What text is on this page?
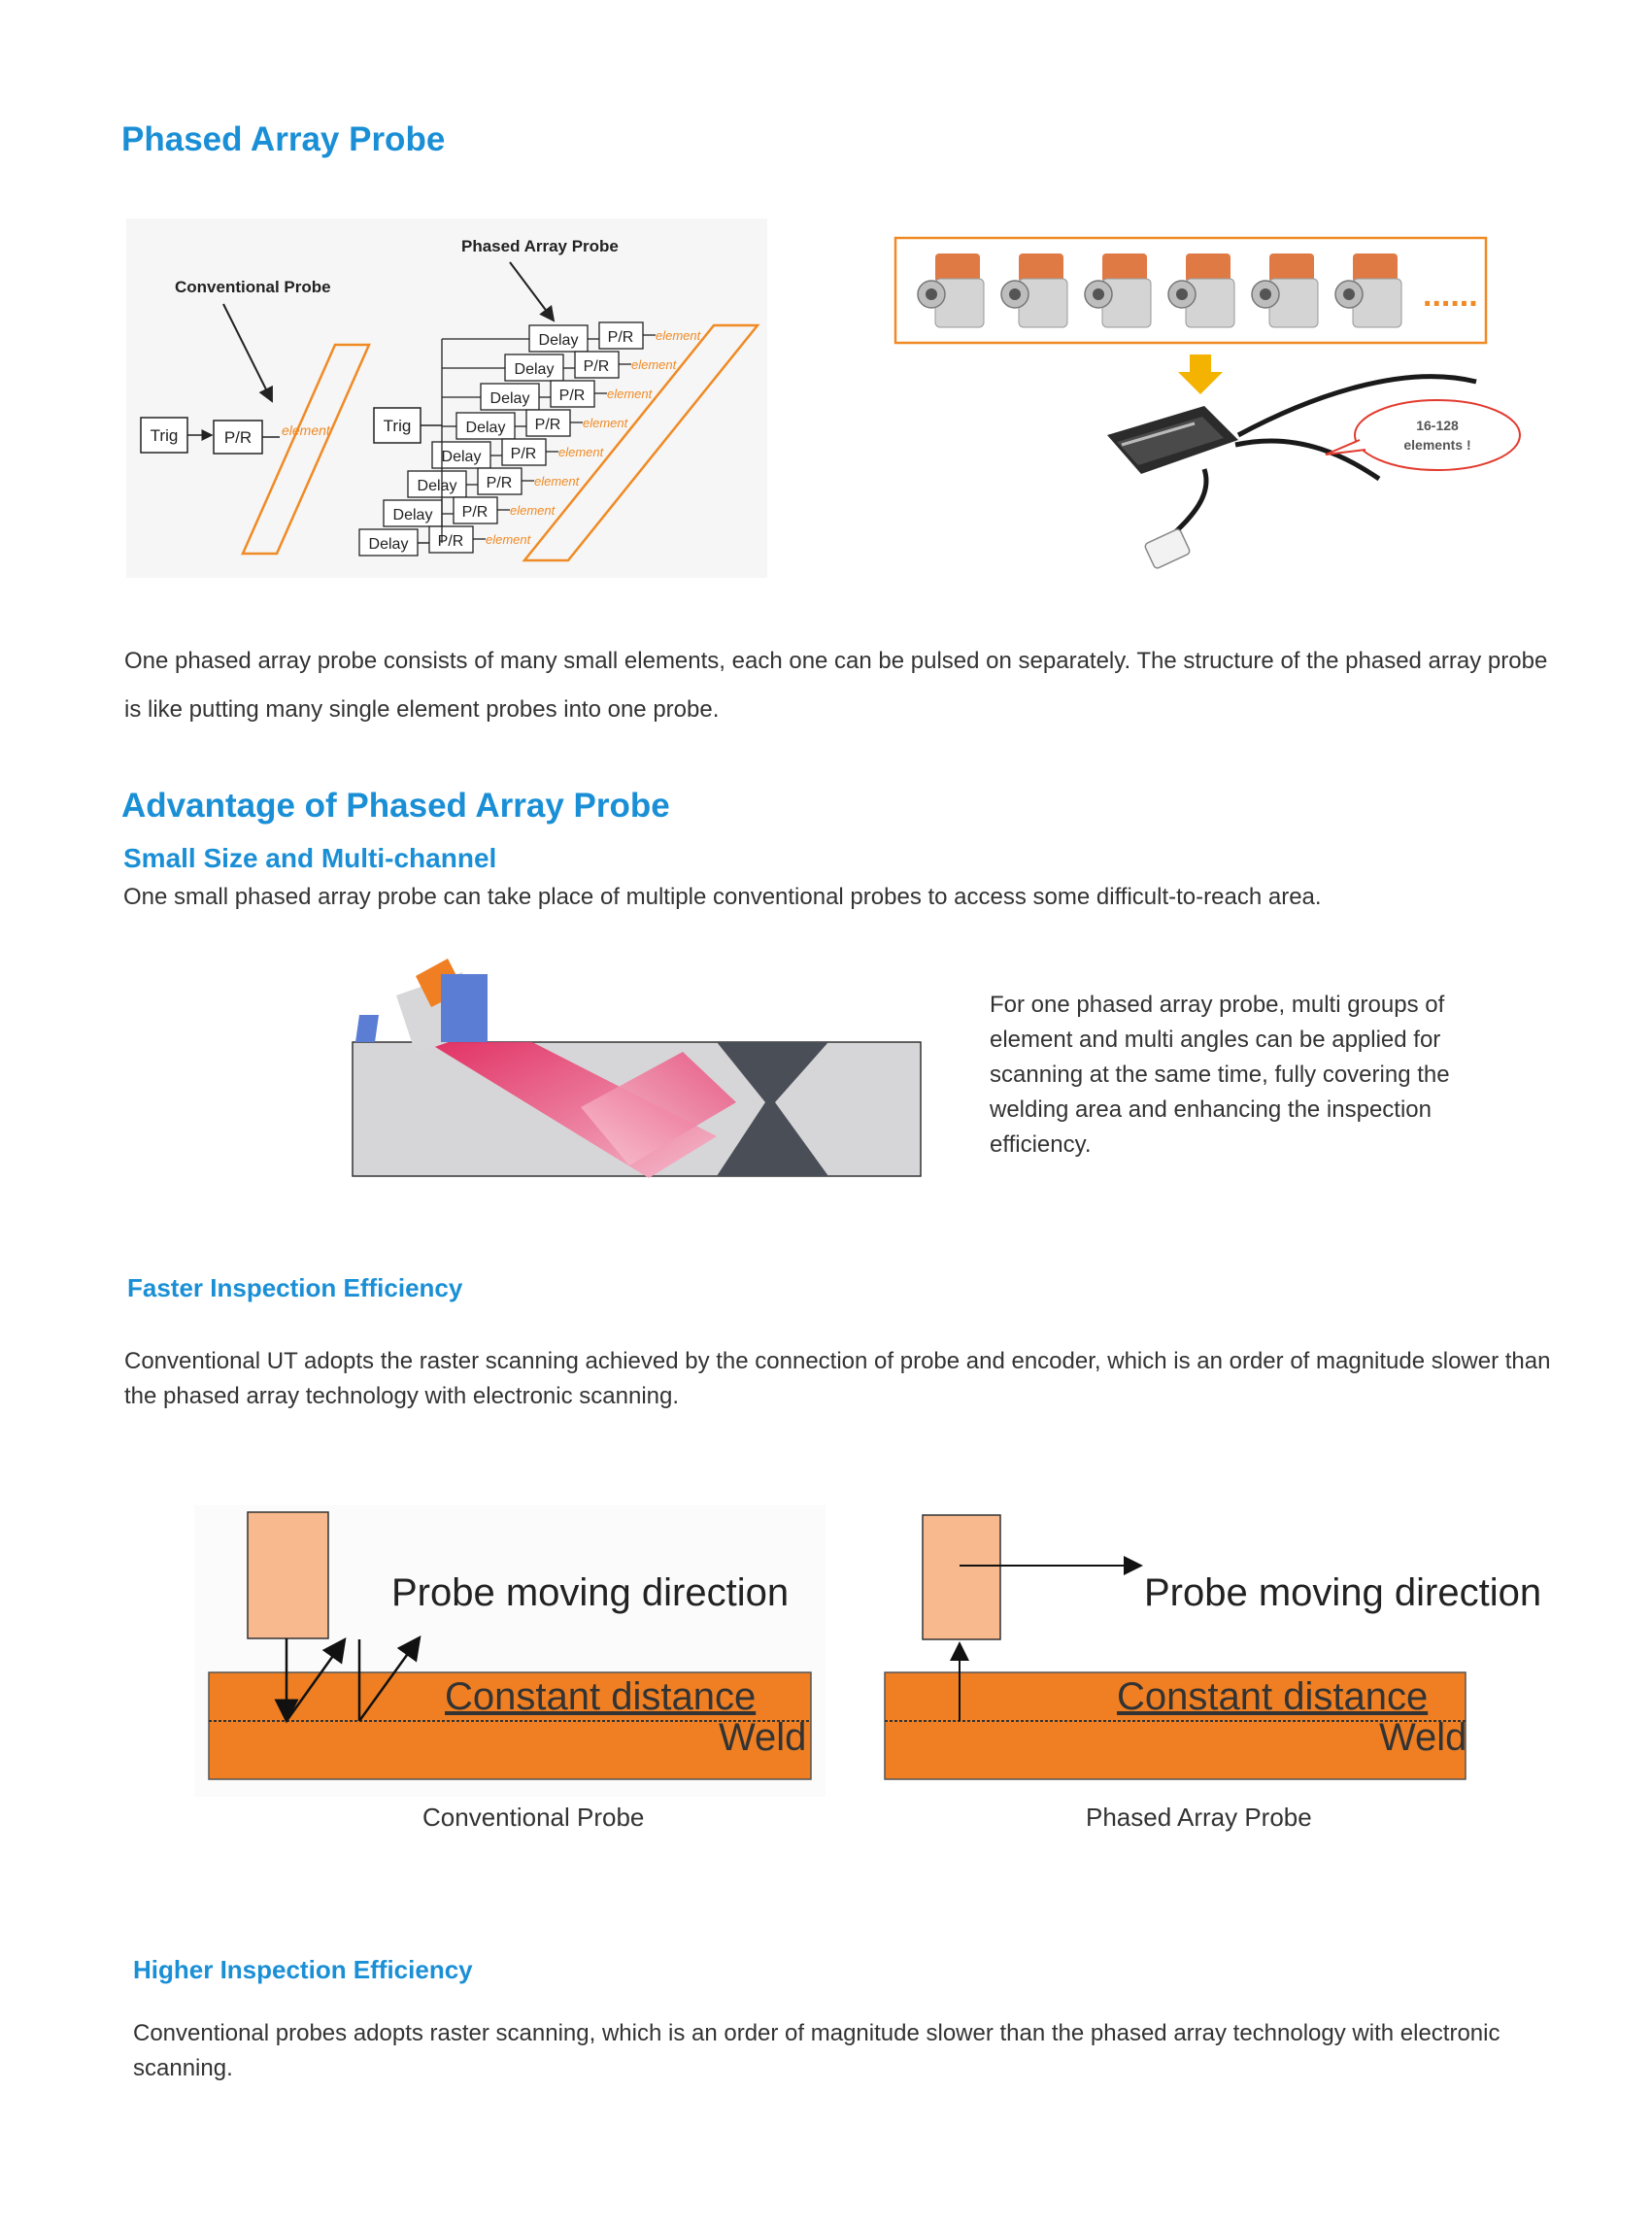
Phased Array Probe
Conventional Probe
Trig	P/R element
Phased Array Probe
Trig
Delay P/R element
Delay P/R element
Delay P/R element
Delay P/R element
Delay P/R element
Delay P/R element
Delay P/R element
Delay P/R element
......
16-128
elements !
One phased array probe consists of many small elements, each one can be pulsed on separately. The structure of the phased array probe is like putting many single element probes into one probe.
Advantage of Phased Array Probe
Small Size and Multi-channel
One small phased array probe can take place of multiple conventional probes to access some difficult-to-reach area.
For one phased array probe, multi groups of element and multi angles can be applied for scanning at the same time, fully covering the welding area and enhancing the inspection efficiency.
Faster Inspection Efficiency
Conventional UT adopts the raster scanning achieved by the connection of probe and encoder, which is an order of magnitude slower than the phased array technology with electronic scanning.
Probe moving direction
Constant distance
Weld
Conventional Probe
Probe moving direction
Constant distance
Weld
Phased Array Probe
Higher Inspection Efficiency
Conventional probes adopts raster scanning, which is an order of magnitude slower than the phased array technology with electronic scanning.
